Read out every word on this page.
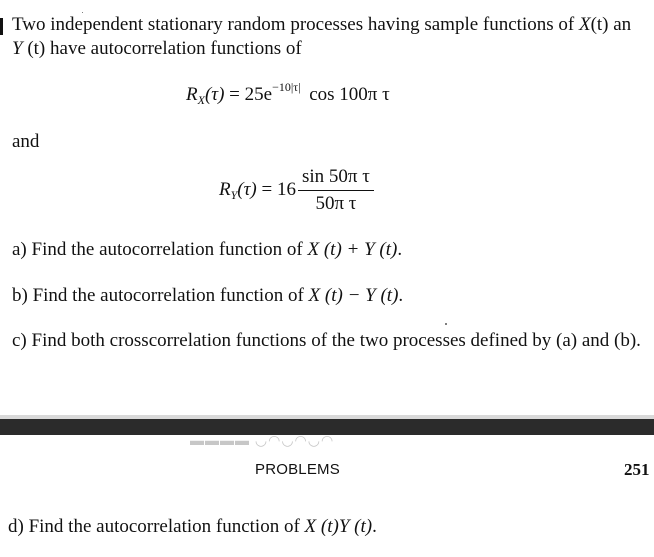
Two independent stationary random processes having sample functions of X(t) an
Y (t) have autocorrelation functions of
$R_X(\tau) = 25e^{-10|\tau|}$ cos 100π τ
and
$R_Y(\tau) = 16 \frac{\text{sin 50π τ}}{\text{50π τ}}$
a) Find the autocorrelation function of X (t) + Y (t).
b) Find the autocorrelation function of X (t) − Y (t).
c) Find both crosscorrelation functions of the two processes defined by (a) and (b).
▬▬▬▬ ◡◠◡◠◡◠
PROBLEMS	251
d) Find the autocorrelation function of X (t)Y (t).
